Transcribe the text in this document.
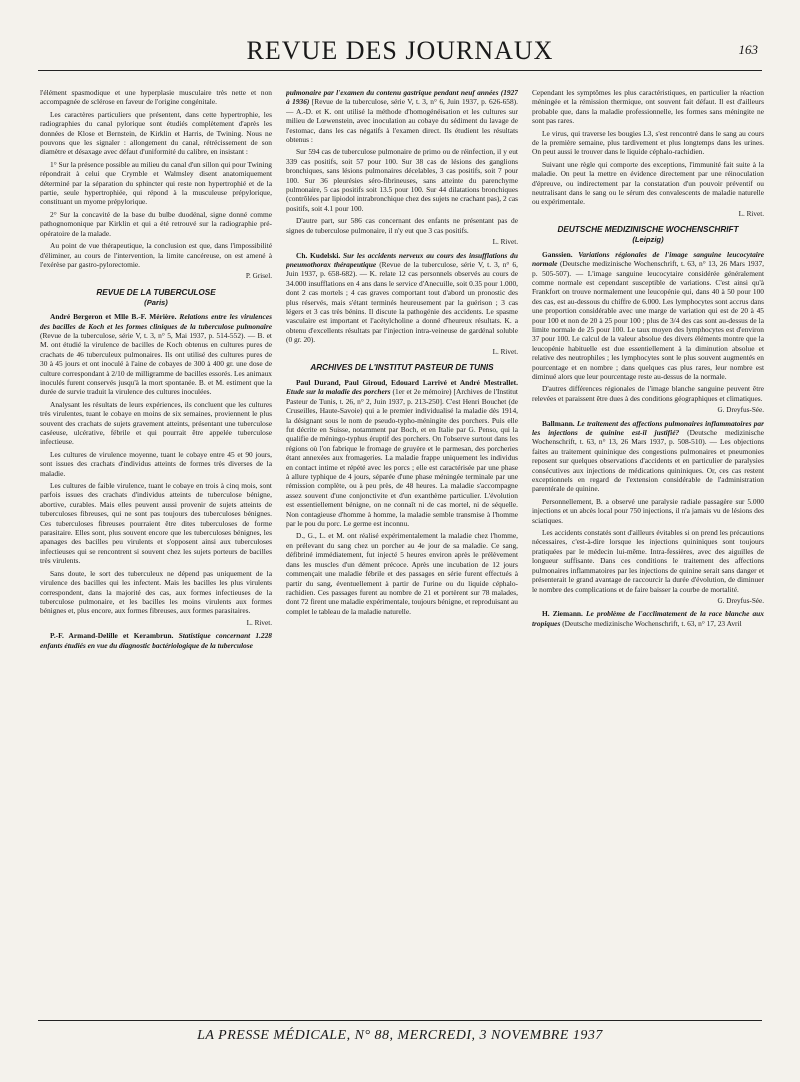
REVUE DES JOURNAUX	163

l'élément spasmodique et une hyperplasie musculaire très nette et non accompagnée de sclérose en faveur de l'origine congénitale.

Les caractères particuliers que présentent, dans cette hypertrophie, les radiographies du canal pylorique sont étudiés complètement d'après les données de Klose et Bernstein, de Kirklin et Harris, de Twining. Nous ne pouvons que les signaler : allongement du canal, rétrécissement de son diamètre et désaxage avec défaut d'uniformité du calibre, en insistant :

1° Sur la présence possible au milieu du canal d'un sillon qui pour Twining répondrait à celui que Crymble et Walmsley disent anatomiquement déterminé par la séparation du sphincter qui reste non hypertrophié et de la partie, seule hypertrophiée, qui répond à la musculeuse prépylorique, constituant un myome prépylorique.

2° Sur la concavité de la base du bulbe duodénal, signe donné comme pathognomonique par Kirklin et qui a été retrouvé sur la radiographie pré-opératoire de la malade.

Au point de vue thérapeutique, la conclusion est que, dans l'impossibilité d'éliminer, au cours de l'intervention, la limite cancéreuse, on est amené à l'exérèse par gastro-pylorectomie.

P. Grisel.

REVUE DE LA TUBERCULOSE
(Paris)

André Bergeron et Mlle B.-F. Mérière. Relations entre les virulences des bacilles de Koch et les formes cliniques de la tuberculose pulmonaire (Revue de la tuberculose, série V, t. 3, n° 5, Mai 1937, p. 514-552). — B. et M. ont étudié la virulence de bacilles de Koch obtenus en cultures pures de crachats de 46 tuberculeux pulmonaires. Ils ont utilisé des cultures pures de 30 à 45 jours et ont inoculé à l'aine de cobayes de 300 à 400 gr. une dose de culture correspondant à 2/10 de milligramme de bacilles essorés. Les animaux inoculés furent conservés jusqu'à la mort spontanée. B. et M. estiment que la durée de survie traduit la virulence des cultures inoculées.

Analysant les résultats de leurs expériences, ils concluent que les cultures très virulentes, tuant le cobaye en moins de six semaines, proviennent le plus souvent des crachats de sujets gravement atteints, présentant une tuberculose caséeuse, ulcérative, fébrile et qui pourrait être appelée tuberculose infectieuse.

Les cultures de virulence moyenne, tuant le cobaye entre 45 et 90 jours, sont issues des crachats d'individus atteints de formes très diverses de la maladie.

Les cultures de faible virulence, tuant le cobaye en trois à cinq mois, sont parfois issues des crachats d'individus atteints de tuberculose bénigne, abortive, curables. Mais elles peuvent aussi provenir de sujets atteints de tuberculoses fibreuses, qui ne sont pas toujours des tuberculoses bénignes. Ces tuberculoses fibreuses pourraient être dites tuberculoses de forme parasitaire. Elles sont, plus souvent encore que les tuberculoses bénignes, les apanages des bacilles peu virulents et s'opposent ainsi aux tuberculoses infectieuses qui se rencontrent si souvent chez les sujets porteurs de bacilles très virulents.

Sans doute, le sort des tuberculeux ne dépend pas uniquement de la virulence des bacilles qui les infectent. Mais les bacilles les plus virulents correspondent, dans la majorité des cas, aux formes infectieuses de la tuberculose pulmonaire, et les bacilles les moins virulents aux formes bénignes et, plus encore, aux formes fibreuses, aux formes parasitaires.

L. Rivet.

P.-F. Armand-Delille et Kerambrun. Statistique concernant 1.228 enfants étudiés en vue du diagnostic bactériologique de la tuberculose

pulmonaire par l'examen du contenu gastrique pendant neuf années (1927 à 1936) [Revue de la tuberculose, série V, t. 3, n° 6, Juin 1937, p. 626-658). — A.-D. et K. ont utilisé la méthode d'homogénéisation et les cultures sur milieu de Lœwenstein, avec inoculation au cobaye du sédiment du lavage de l'estomac, dans les cas négatifs à l'examen direct. Ils étudient les résultats obtenus :

Sur 594 cas de tuberculose pulmonaire de primo ou de réinfection, il y eut 339 cas positifs, soit 57 pour 100. Sur 38 cas de lésions des ganglions bronchiques, sans lésions pulmonaires décelables, 3 cas positifs, soit 7 pour 100. Sur 36 pleurésies séro-fibrineuses, sans atteinte du parenchyme pulmonaire, 5 cas positifs soit 13.5 pour 100. Sur 44 dilatations bronchiques (contrôlées par lipiodol intrabronchique chez des sujets ne crachant pas), 2 cas positifs, soit 4.1 pour 100.

D'autre part, sur 586 cas concernant des enfants ne présentant pas de signes de tuberculose pulmonaire, il n'y eut que 3 cas positifs.

L. Rivet.

Ch. Kudelski. Sur les accidents nerveux au cours des insufflations du pneumothorax thérapeutique (Revue de la tuberculose, série V, t. 3, n° 6, Juin 1937, p. 658-682). — K. relate 12 cas personnels observés au cours de 34.000 insufflations en 4 ans dans le service d'Anecuille, soit 0.35 pour 1.000, dont 2 cas mortels ; 4 cas graves comportant tout d'abord un pronostic des plus réservés, mais s'étant terminés heureusement par la guérison ; 3 cas légers et 3 cas très bénins. Il discute la pathogénie des accidents. Le spasme vasculaire est important et l'acétylcholine a donné d'heureux résultats. K. a obtenu d'excellents résultats par l'injection intra-veineuse de gardénal soluble (0 gr. 20).

L. Rivet.

ARCHIVES DE L'INSTITUT PASTEUR DE TUNIS

Paul Durand, Paul Giroud, Edouard Larrivé et André Mestrallet. Etude sur la maladie des porchers (1er et 2e mémoire) [Archives de l'Institut Pasteur de Tunis, t. 26, n° 2, Juin 1937, p. 213-250]. C'est Henri Bouchet (de Cruseilles, Haute-Savoie) qui a le premier individualisé la maladie dès 1914, la désignant sous le nom de pseudo-typho-méningite des porchers. Puis elle fut décrite en Suisse, notamment par Boch, et en Italie par G. Penso, qui la qualifie de méningo-typhus éruptif des porchers. On l'observe surtout dans les régions où l'on fabrique le fromage de gruyère et le parmesan, des porcheries étant annexées aux fromageries. La maladie frappe uniquement les individus en contact intime et répété avec les porcs ; elle est caractérisée par une phase à allure typhique de 4 jours, séparée d'une phase méningée terminale par une rémission complète, ou à peu près, de 48 heures. La maladie s'accompagne assez souvent d'une conjonctivite et d'un exanthème particulier. L'évolution est essentiellement bénigne, on ne connaît ni de cas mortel, ni de séquelle. Non contagieuse d'homme à homme, la maladie semble transmise à l'homme par le pou du porc. Le germe est inconnu.

D., G., L. et M. ont réalisé expérimentalement la maladie chez l'homme, en prélevant du sang chez un porcher au 4e jour de sa maladie. Ce sang, défibriné immédiatement, fut injecté 5 heures environ après le prélèvement dans les muscles d'un dément précoce. Après une incubation de 12 jours commençait une maladie fébrile et des passages en série furent effectués à partir du sang, éventuellement à partir de l'urine ou du liquide céphalo-rachidien. Ces passages furent au nombre de 21 et portèrent sur 78 malades, dont 72 firent une maladie expérimentale, toujours bénigne, et reproduisant au complet le tableau de la maladie naturelle.

Cependant les symptômes les plus caractéristiques, en particulier la réaction méningée et la rémission thermique, ont souvent fait défaut. Il est d'ailleurs probable que, dans la maladie professionnelle, les formes sans méningite ne sont pas rares.

Le virus, qui traverse les bougies L3, s'est rencontré dans le sang au cours de la première semaine, plus tardivement et plus longtemps dans les urines. On peut aussi le trouver dans le liquide céphalo-rachidien.

Suivant une règle qui comporte des exceptions, l'immunité fait suite à la maladie. On peut la mettre en évidence directement par une réinoculation d'épreuve, ou indirectement par la constatation d'un pouvoir préventif ou neutralisant dans le sang ou le sérum des convalescents de maladie naturelle ou expérimentale.

L. Rivet.

DEUTSCHE MEDIZINISCHE WOCHENSCHRIFT
(Leipzig)

Ganssien. Variations régionales de l'image sanguine leucocytaire normale (Deutsche medizinische Wochenschrift, t. 63, n° 13, 26 Mars 1937, p. 505-507). — L'image sanguine leucocytaire considérée généralement comme normale est cependant susceptible de variations. C'est ainsi qu'à Frankfort on trouve normalement une leucopénie qui, dans 40 à 50 pour 100 des cas, est au-dessous du chiffre de 6.000. Les lymphocytes sont accrus dans une proportion considérable avec une marge de variation qui est de 20 à 45 pour 100 et non de 20 à 25 pour 100 ; plus de 3/4 des cas sont au-dessus de la limite normale de 25 pour 100. Le taux moyen des lymphocytes est d'environ 37 pour 100. Le calcul de la valeur absolue des divers éléments montre que la leucopénie habituelle est due essentiellement à la diminution absolue et relative des neutrophiles ; les lymphocytes sont le plus souvent augmentés en pourcentage et en nombre ; dans quelques cas plus rares, leur nombre est diminué alors que leur pourcentage reste au-dessus de la normale.

D'autres différences régionales de l'image blanche sanguine peuvent être relevées et paraissent être dues à des conditions géographiques et climatiques.

G. Dreyfus-Sée.

Ballmann. Le traitement des affections pulmonaires inflammatoires par les injections de quinine est-il justifié? (Deutsche medizinische Wochenschrift, t. 63, n° 13, 26 Mars 1937, p. 508-510). — Les objections faites au traitement quininique des congestions pulmonaires et pneumonies reposent sur quelques observations d'accidents et en particulier de paralysies consécutives aux injections de médications quininiques. Or, ces cas restent exceptionnels en regard de l'extension considérable de l'administration parentérale de quinine.

Personnellement, B. a observé une paralysie radiale passagère sur 5.000 injections et un abcès local pour 750 injections, il n'a jamais vu de lésions des sciatiques.

Les accidents constatés sont d'ailleurs évitables si on prend les précautions nécessaires, c'est-à-dire lorsque les injections quininiques sont toujours pratiquées par le médecin lui-même. Intra-fessières, avec des aiguilles de longueur suffisante. Dans ces conditions le traitement des affections pulmonaires inflammatoires par les injections de quinine serait sans danger et présenterait le grand avantage de raccourcir la durée d'évolution, de diminuer le nombre des complications et de faire baisser la courbe de mortalité.

G. Dreyfus-Sée.

H. Ziemann. Le problème de l'acclimatement de la race blanche aux tropiques (Deutsche medizinische Wochenschrift, t. 63, n° 17, 23 Avril

LA PRESSE MÉDICALE, N° 88, MERCREDI, 3 NOVEMBRE 1937
